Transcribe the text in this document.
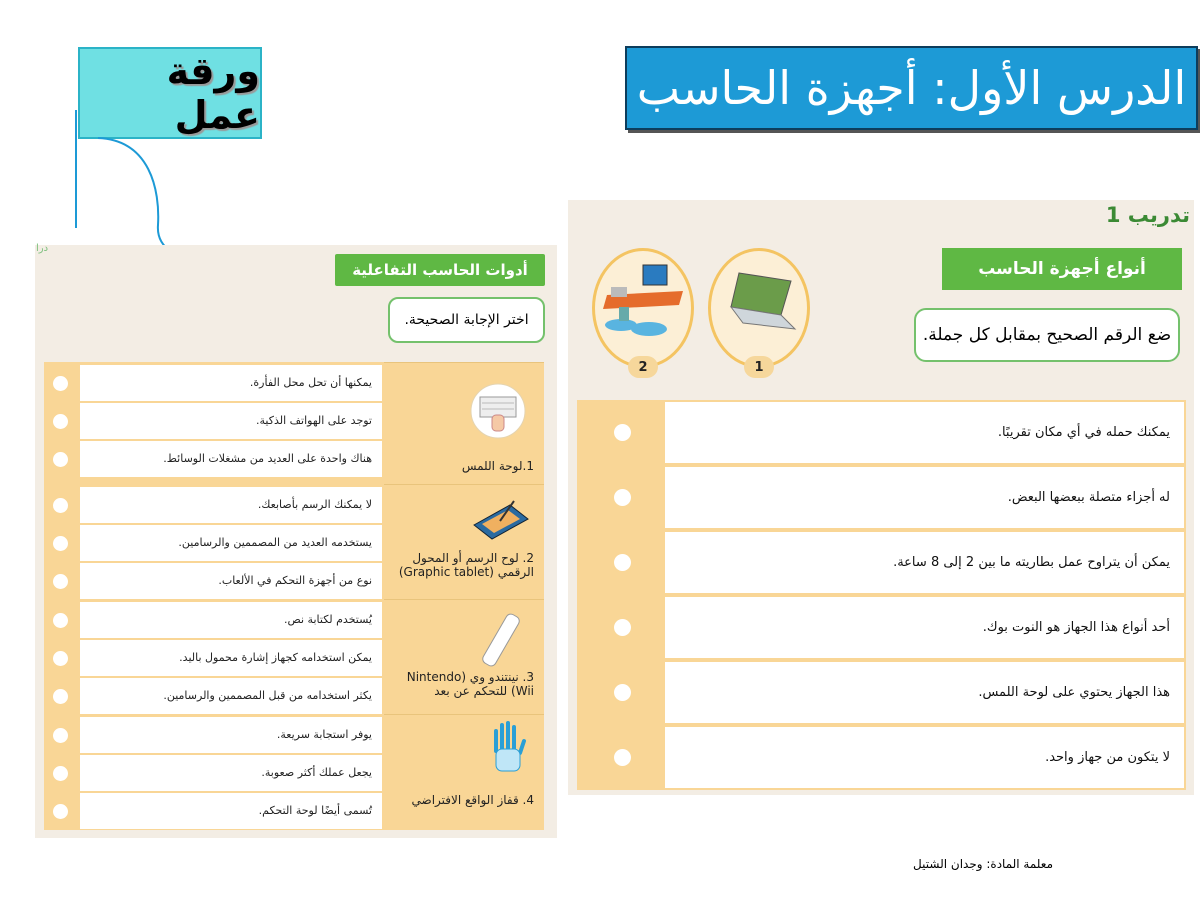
الدرس الأول: أجهزة الحاسب
ورقة عمل
درا
أدوات الحاسب التفاعلية
اختر الإجابة الصحيحة.
1.لوحة اللمس
يمكنها أن تحل محل الفأرة.
توجد على الهواتف الذكية.
هناك واحدة على العديد من مشغلات الوسائط.
2. لوح الرسم أو المحول الرقمي (Graphic tablet)
لا يمكنك الرسم بأصابعك.
يستخدمه العديد من المصممين والرسامين.
نوع من أجهزة التحكم في الألعاب.
3. نينتندو وي (Nintendo Wii) للتحكم عن بعد
يُستخدم لكتابة نص.
يمكن استخدامه كجهاز إشارة محمول باليد.
يكثر استخدامه من قبل المصممين والرسامين.
4. قفاز الواقع الافتراضي
يوفر استجابة سريعة.
يجعل عملك أكثر صعوبة.
تُسمى أيضًا لوحة التحكم.
تدريب 1
أنواع أجهزة الحاسب
ضع الرقم الصحيح بمقابل كل جملة.
1
2
يمكنك حمله في أي مكان تقريبًا.
له أجزاء متصلة ببعضها البعض.
يمكن أن يتراوح عمل بطاريته ما بين 2 إلى 8 ساعة.
أحد أنواع هذا الجهاز هو النوت بوك.
هذا الجهاز يحتوي على لوحة اللمس.
لا يتكون من جهاز واحد.
معلمة المادة: وجدان الشتيل
